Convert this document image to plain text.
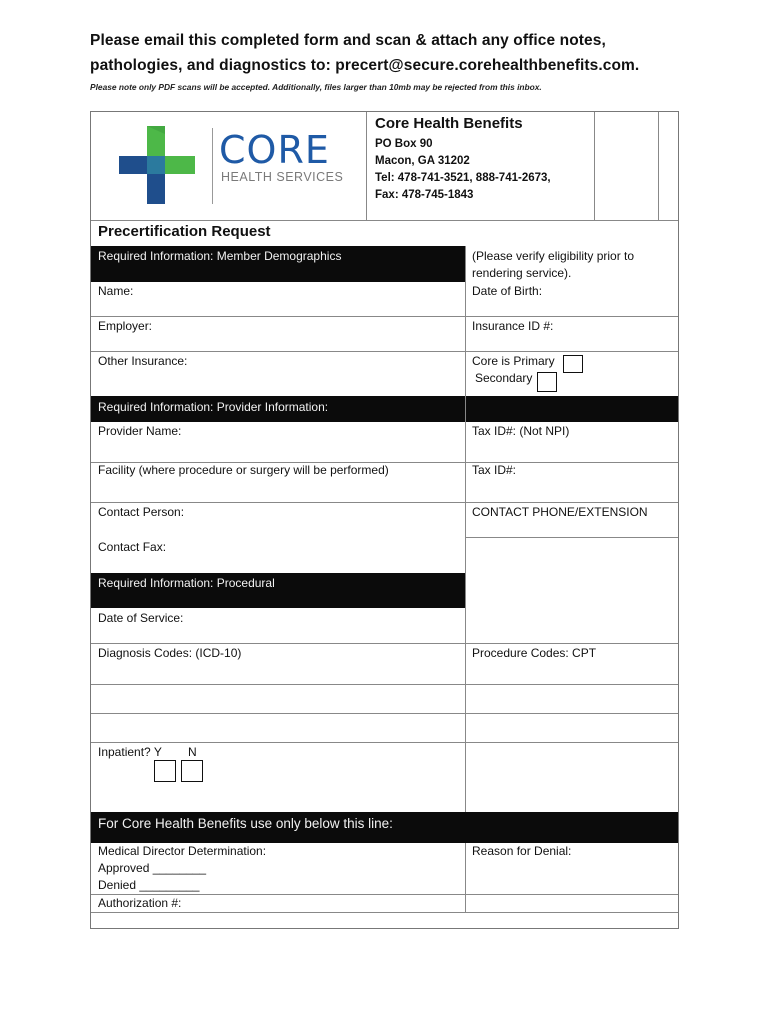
Please email this completed form and scan & attach any office notes,
pathologies, and diagnostics to: precert@secure.corehealthbenefits.com.
Please note only PDF scans will be accepted. Additionally, files larger than 10mb may be rejected from this inbox.
CORE
HEALTH SERVICES
Core Health Benefits
PO Box 90
Macon, GA 31202
Tel: 478-741-3521, 888-741-2673,
Fax: 478-745-1843
Precertification Request
Required Information: Member Demographics	(Please verify eligibility prior to rendering service).
Name:	Date of Birth:
Employer:	Insurance ID #:
Other Insurance:	Core is Primary
Secondary
Required Information: Provider Information:
Provider Name:	Tax ID#: (Not NPI)
Facility (where procedure or surgery will be performed)	Tax ID#:
Contact Person:	CONTACT PHONE/EXTENSION
Contact Fax:
Required Information: Procedural
Date of Service:
Diagnosis Codes: (ICD-10)	Procedure Codes: CPT
Inpatient? Y N
For Core Health Benefits use only below this line:
Medical Director Determination:
Approved ________
Denied _________
Reason for Denial:
Authorization #:
